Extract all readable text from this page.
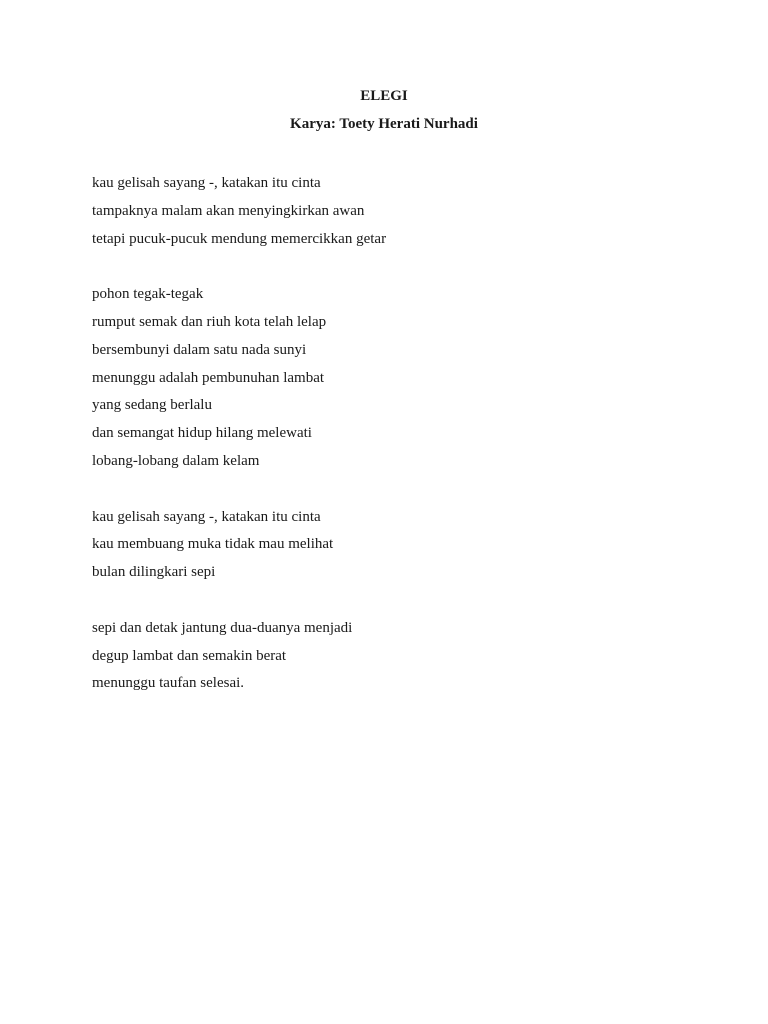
ELEGI
Karya: Toety Herati Nurhadi
kau gelisah sayang -, katakan itu cinta
tampaknya malam akan menyingkirkan awan
tetapi pucuk-pucuk mendung memercikkan getar
pohon tegak-tegak
rumput semak dan riuh kota telah lelap
bersembunyi dalam satu nada sunyi
menunggu adalah pembunuhan lambat
yang sedang berlalu
dan semangat hidup hilang melewati
lobang-lobang dalam kelam
kau gelisah sayang -, katakan itu cinta
kau membuang muka tidak mau melihat
bulan dilingkari sepi
sepi dan detak jantung dua-duanya menjadi
degup lambat dan semakin berat
menunggu taufan selesai.
